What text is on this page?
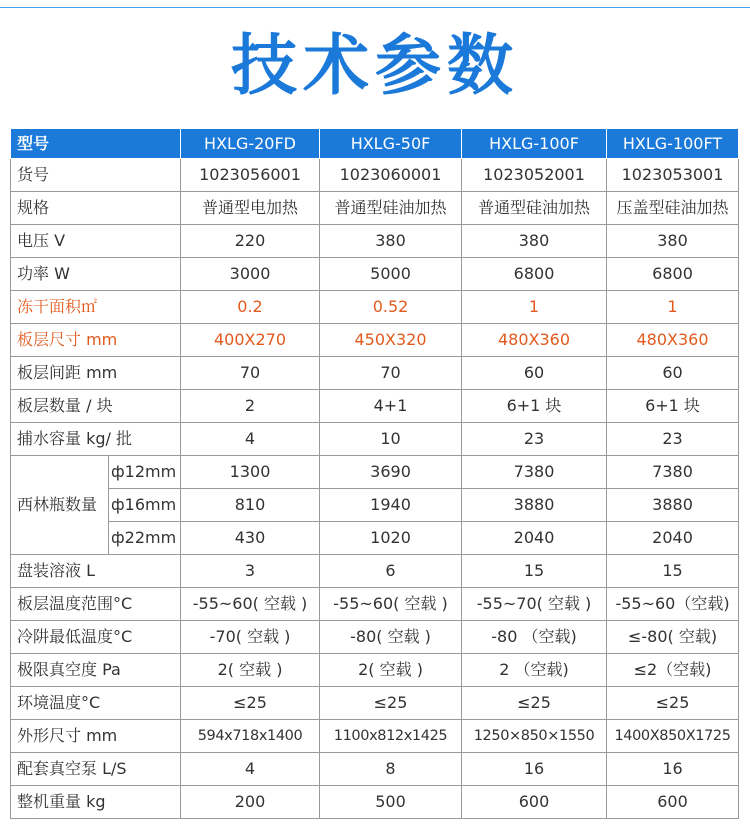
技术参数
型号		HXLG-20FD	HXLG-50F	HXLG-100F	HXLG-100FT
货号		1023056001	1023060001	1023052001	1023053001
规格		普通型电加热	普通型硅油加热	普通型硅油加热	压盖型硅油加热
电压 V		220	380	380	380
功率 W		3000	5000	6800	6800
冻干面积㎡		0.2	0.52	1	1
板层尺寸 mm		400X270	450X320	480X360	480X360
板层间距 mm		70	70	60	60
板层数量 / 块		2	4+1	6+1 块	6+1 块
捕水容量 kg/ 批		4	10	23	23
西林瓶数量	ф12mm	1300	3690	7380	7380
	ф16mm	810	1940	3880	3880
	ф22mm	430	1020	2040	2040
盘装溶液 L		3	6	15	15
板层温度范围°C		-55~60( 空载 )	-55~60( 空载 )	-55~70( 空载 )	-55~60（空载)
冷阱最低温度°C		-70( 空载 )	-80( 空载 )	-80 （空载)	≤-80( 空载)
极限真空度 Pa		2( 空载 )	2( 空载 )	2 （空载)	≤2（空载)
环境温度°C		≤25	≤25	≤25	≤25
外形尺寸 mm		594x718x1400	1100x812x1425	1250×850×1550	1400X850X1725
配套真空泵 L/S		4	8	16	16
整机重量 kg		200	500	600	600
